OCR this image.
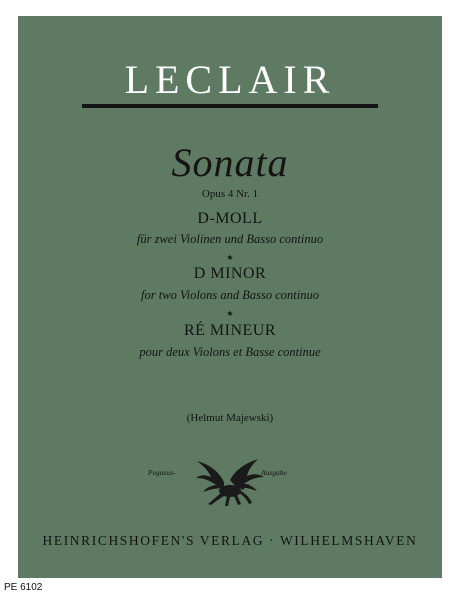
LECLAIR
Sonata
Opus 4 Nr. 1
D-MOLL
für zwei Violinen und Basso continuo
★
D MINOR
for two Violons and Basso continuo
★
RÉ MINEUR
pour deux Violons et Basse continue
(Helmut Majewski)
Pegasus-	Ausgabe
HEINRICHSHOFEN'S VERLAG · WILHELMSHAVEN
PE 6102
